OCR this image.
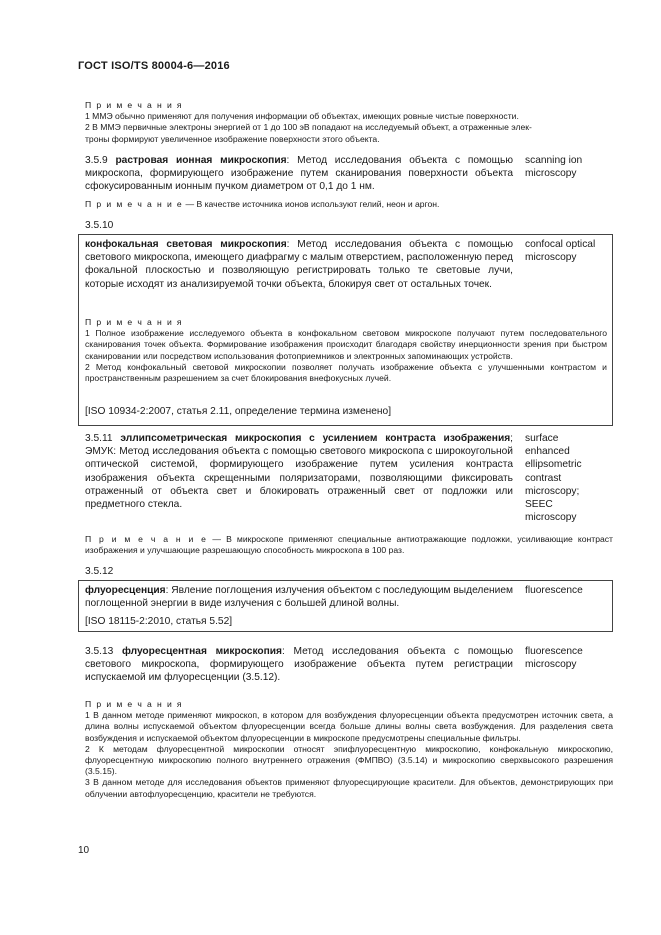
ГОСТ ISO/TS 80004-6—2016
П р и м е ч а н и я
1 ММЭ обычно применяют для получения информации об объектах, имеющих ровные чистые поверхности.
2 В ММЭ первичные электроны энергией от 1 до 100 эВ попадают на исследуемый объект, а отраженные элек-
троны формируют увеличенное изображение поверхности этого объекта.
3.5.9 растровая ионная микроскопия: Метод исследования объекта с помощью микроскопа, формирующего изображение путем сканирования поверхности объекта сфокусированным ионным пучком диаметром от 0,1 до 1 нм.
scanning ion microscopy
П р и м е ч а н и е — В качестве источника ионов используют гелий, неон и аргон.
3.5.10
конфокальная световая микроскопия: Метод исследования объекта с помощью светового микроскопа, имеющего диафрагму с малым отверстием, расположенную перед фокальной плоскостью и позволяющую регистрировать только те световые лучи, которые исходят из анализируемой точки объекта, блокируя свет от остальных точек.
confocal optical microscopy
П р и м е ч а н и я
1 Полное изображение исследуемого объекта в конфокальном световом микроскопе получают путем последовательного сканирования точек объекта. Формирование изображения происходит благодаря свойству инерционности зрения при быстром сканировании или посредством использования фотоприемников и электронных запоминающих устройств.
2 Метод конфокальный световой микроскопии позволяет получать изображение объекта с улучшенными контрастом и пространственным разрешением за счет блокирования внефокусных лучей.
[ISO 10934-2:2007, статья 2.11, определение термина изменено]
3.5.11 эллипсометрическая микроскопия с усилением контраста изображения; ЭМУК: Метод исследования объекта с помощью светового микроскопа с широкоугольной оптической системой, формирующего изображение путем усиления контраста изображения объекта скрещенными поляризаторами, позволяющими фиксировать отраженный от объекта свет и блокировать отраженный свет от подложки или предметного стекла.
surface
enhanced
ellipsometric
contrast
microscopy;
SEEC
microscopy
П р и м е ч а н и е — В микроскопе применяют специальные антиотражающие подложки, усиливающие контраст изображения и улучшающие разрешающую способность микроскопа в 100 раз.
3.5.12
флуоресценция: Явление поглощения излучения объектом с последующим выделением поглощенной энергии в виде излучения с большей длиной волны.
fluorescence
[ISO 18115-2:2010, статья 5.52]
3.5.13 флуоресцентная микроскопия: Метод исследования объекта с помощью светового микроскопа, формирующего изображение объекта путем регистрации испускаемой им флуоресценции (3.5.12).
fluorescence microscopy
П р и м е ч а н и я
1 В данном методе применяют микроскоп, в котором для возбуждения флуоресценции объекта предусмотрен источник света, а длина волны испускаемой объектом флуоресценции всегда больше длины волны света возбуждения. Для разделения света возбуждения и испускаемой объектом флуоресценции в микроскопе предусмотрены специальные фильтры.
2 К методам флуоресцентной микроскопии относят эпифлуоресцентную микроскопию, конфокальную микроскопию, флуоресцентную микроскопию полного внутреннего отражения (ФМПВО) (3.5.14) и микроскопию сверхвысокого разрешения (3.5.15).
3 В данном методе для исследования объектов применяют флуоресцирующие красители. Для объектов, демонстрирующих при облучении автофлуоресценцию, красители не требуются.
10
